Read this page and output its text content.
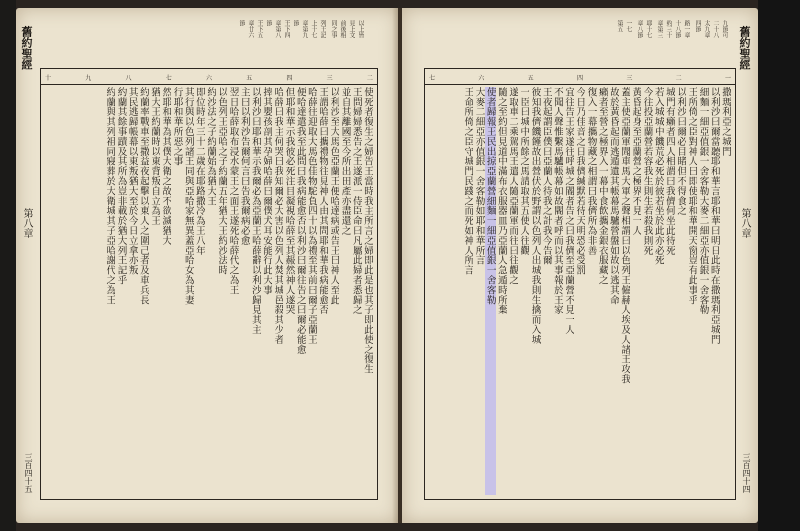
以上皆
見上文
前後相
同之事
列王記
上十七
章第九
節
王下四
章第八
節
王下五
章廿六
節
二
三
四
五
六
七
八
九
十
使死者復生之婦告王當時我主所言之婦即此是也其子即此使之復生
王問婦婦悉告之王遂派一侍臣命曰凡屬此婦者悉歸之
並自其離國至今所出田產亦盡還之
以利沙至大馬色亞蘭王便哈達病或告王曰神人至此
王謂哈薛曰攜禮物往見神人由其問耶和華我病能愈否
哈薛往迎取大馬色佳物駝負四十以為禮至其前曰爾子亞蘭王
便哈達遣我至此問曰我病能愈否以利沙曰爾往告之曰爾必能愈
但耶和華示我彼必死注目凝視哈薛至其赧然神人遂哭
哈薛曰我主何哭曰我知爾必大害以色列人焚其城邑殺其少者
摔其嬰孩剖其孕婦哈薛曰爾僕犬耳安能行此大事
以利沙曰耶和華示我爾必為亞蘭王哈薛辭以利沙歸見其主
主曰以利沙告爾何言曰告我爾病必愈
翌日哈薛取布浸水蒙王之面王遂死哈薛代之為王
以色列王亞哈之子約蘭五年猶大王約沙法時
約沙法之子約蘭始為猶大王
即位時年三十二歲在耶路撒冷為王八年
其行與以色列諸王同與亞哈家無異蓋亞哈女為其妻
行耶和華所惡之事
然耶和華為其僕大衛之故不欲滅猶大
猶大王約蘭時以東背叛自立為王
約蘭率戰車至撒益夜起擊以東人之圍己者及車兵長
其民逃歸帳幕以東叛猶大至於今日立拿亦叛
約蘭其餘事蹟及其所為豈非載於猶大列王記乎
約蘭與其列祖同寢葬於大衛城其子亞哈謝代之為王
舊約聖經
第八章
三百四十五
九節可
二十八
太九章
四節
路一章
十八節
約三十
章第三
耶十七
章八節
一七
第五
一
二
三
四
五
六
七
撒瑪利亞之城門
以利沙曰爾當聽耶和華言耶和華曰明日此時在撒瑪利亞城門
細麵一細亞值銀一舍客勒大麥二細亞亦值銀一舍客勒
王所倚之臣對神人曰即使耶和華開天窗豈有此事乎
以利沙曰爾必目睹但不得食之
城門有癩者四人相謂曰我儕何坐此待死
若入城城中饑荒必死於彼若坐於此亦必死
今往投亞蘭營若容我生則生若殺我則死
黃昏起身至亞蘭營之極界不見一人
蓋主使亞蘭軍聞車馬大軍之聲相謂曰以色列王僱赫人埃及人諸王攻我
故於黃昏起而逃遁遺其帳幕馬驢營盤如故以逃其命
癩者至營之極界入一幕中食飲攜金銀衣服藏之
復入一幕攜物藏之相謂曰我儕所為非善
今日乃佳音之日我儕緘默若待天明恐必受罰
宜往告王家遂往呼城之閽者告之曰我儕至亞蘭營不見一人
不聞人聲惟繫馬驢帳幕如故閽者呼而以其事報於王家
王夜起謂臣僕曰亞蘭人待我之計我今告爾
彼知我儕饑饉故出營伏於野謂以色列人出城我則生擒而入城
一臣曰城中所餘之馬請取其五使人往觀
遂取車二乘駕馬王遣人隨亞蘭軍而往曰往觀之
隨之至約但見道中滿布衣服器皿乃亞蘭人急遁時所棄
使者歸報王民出掠亞蘭營細麵一細亞值銀一舍客勒
大麥二細亞亦值銀一舍客勒如耶和華所言
王命所倚之臣守城門民踐之而死如神人所言
舊約聖經
第八章
三百四十四
